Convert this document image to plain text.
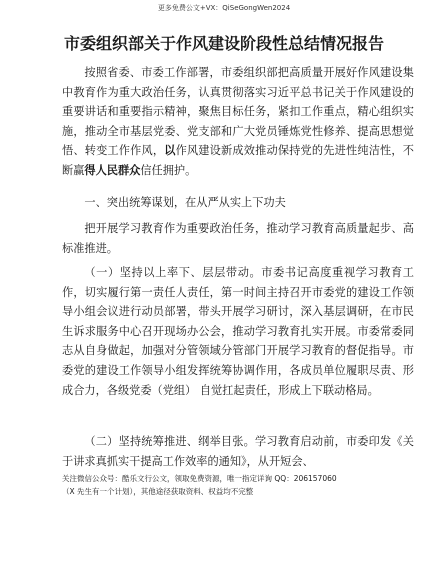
更多免费公文+VX：QiSeGongWen2024
市委组织部关于作风建设阶段性总结情况报告

按照省委、市委工作部署，市委组织部把高质量开展好作风建设集中教育作为重大政治任务，认真贯彻落实习近平总书记关于作风建设的重要讲话和重要指示精神，聚焦目标任务，紧扣工作重点，精心组织实施，推动全市基层党委、党支部和广大党员锤炼党性修养、提高思想觉悟、转变工作作风，以作风建设新成效推动保持党的先进性纯洁性，不断赢得人民群众信任拥护。

一、突出统筹谋划，在从严从实上下功夫

把开展学习教育作为重要政治任务，推动学习教育高质量起步、高标准推进。

（一）坚持以上率下、层层带动。市委书记高度重视学习教育工作，切实履行第一责任人责任，第一时间主持召开市委党的建设工作领导小组会议进行动员部署，带头开展学习研讨，深入基层调研，在市民生诉求服务中心召开现场办公会，推动学习教育扎实开展。市委常委同志从自身做起，加强对分管领域分管部门开展学习教育的督促指导。市委党的建设工作领导小组发挥统筹协调作用，各成员单位履职尽责、形成合力，各级党委（党组） 自觉扛起责任，形成上下联动格局。

（二）坚持统筹推进、纲举目张。学习教育启动前，市委印发《关于讲求真抓实干提高工作效率的通知》，从开短会、

关注微信公众号：酷乐文行公文，领取免费资源，唯一指定详询 QQ：206157060
（X 先生有一个计划），其他途径获取资料、权益均不完整
